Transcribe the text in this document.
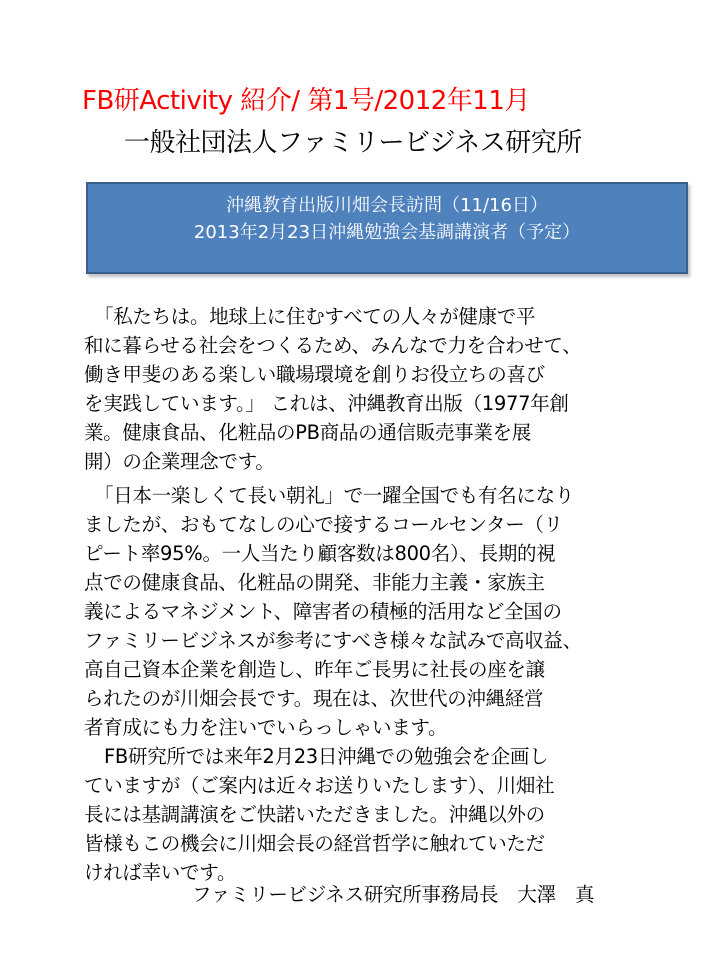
FB研Activity 紹介/ 第1号/2012年11月
一般社団法人ファミリービジネス研究所
沖縄教育出版川畑会長訪問（11/16日）
2013年2月23日沖縄勉強会基調講演者（予定）
「私たちは。地球上に住むすべての人々が健康で平
和に暮らせる社会をつくるため、みんなで力を合わせて、
働き甲斐のある楽しい職場環境を創りお役立ちの喜び
を実践しています。」 これは、沖縄教育出版（1977年創
業。健康食品、化粧品のPB商品の通信販売事業を展
開）の企業理念です。
「日本一楽しくて長い朝礼」で一躍全国でも有名になり
ましたが、おもてなしの心で接するコールセンター（リ
ピート率95%。一人当たり顧客数は800名）、長期的視
点での健康食品、化粧品の開発、非能力主義・家族主
義によるマネジメント、障害者の積極的活用など全国の
ファミリービジネスが参考にすべき様々な試みで高収益、
高自己資本企業を創造し、昨年ご長男に社長の座を譲
られたのが川畑会長です。現在は、次世代の沖縄経営
者育成にも力を注いでいらっしゃいます。
FB研究所では来年2月23日沖縄での勉強会を企画し
ていますが（ご案内は近々お送りいたします）、川畑社
長には基調講演をご快諾いただきました。沖縄以外の
皆様もこの機会に川畑会長の経営哲学に触れていただ
ければ幸いです。
ファミリービジネス研究所事務局長　大澤　真
